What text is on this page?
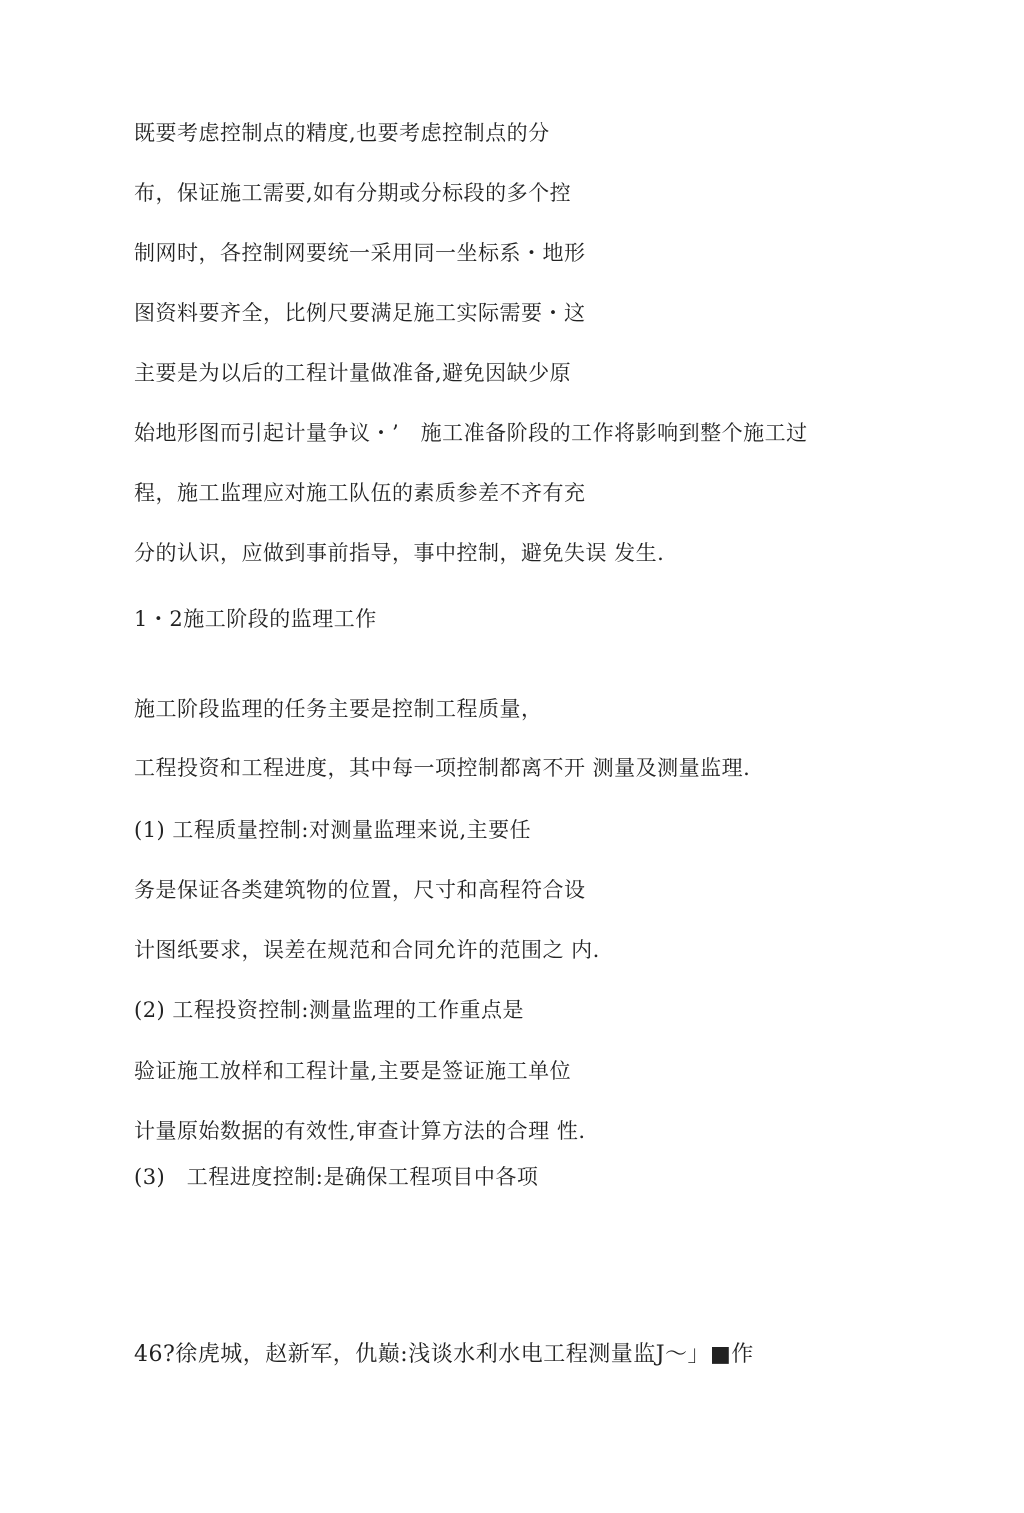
既要考虑控制点的精度,也要考虑控制点的分
布，保证施工需要,如有分期或分标段的多个控
制网时，各控制网要统一采用同一坐标系・地形
图资料要齐全，比例尺要满足施工实际需要・这
主要是为以后的工程计量做准备,避免因缺少原
始地形图而引起计量争议・’　施工准备阶段的工作将影响到整个施工过
程，施工监理应对施工队伍的素质参差不齐有充
分的认识，应做到事前指导，事中控制，避免失误 发生.
1・2施工阶段的监理工作
施工阶段监理的任务主要是控制工程质量，
工程投资和工程进度，其中每一项控制都离不开 测量及测量监理.
(1) 工程质量控制:对测量监理来说,主要任
务是保证各类建筑物的位置，尺寸和高程符合设
计图纸要求，误差在规范和合同允许的范围之 内.
(2) 工程投资控制:测量监理的工作重点是
验证施工放样和工程计量,主要是签证施工单位
计量原始数据的有效性,审查计算方法的合理 性.
(3)　工程进度控制:是确保工程项目中各项
46?徐虎城，赵新军，仇巅:浅谈水利水电工程测量监J～」■作
